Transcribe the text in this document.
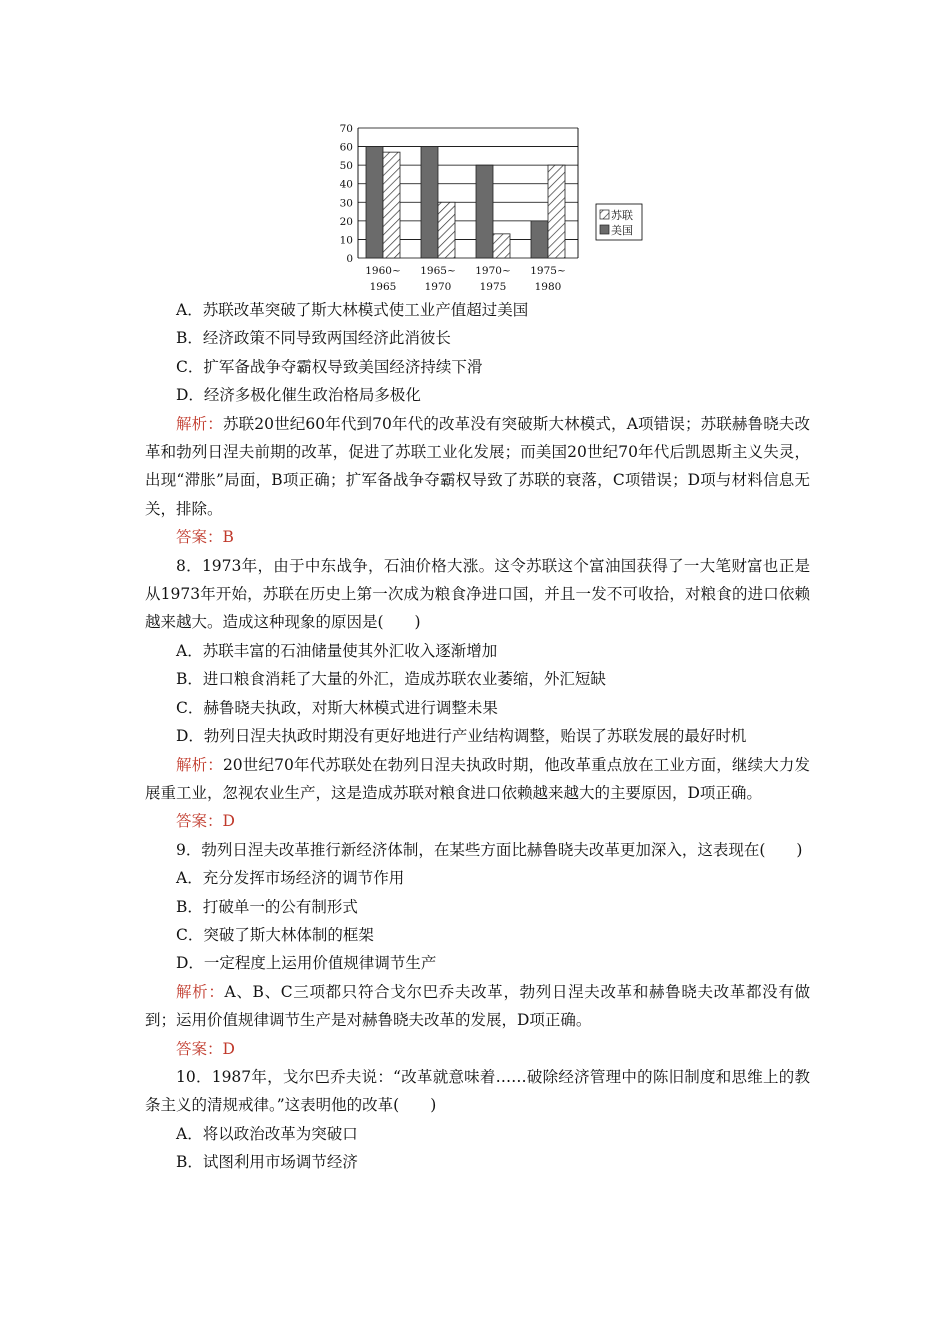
0
10
20
30
40
50
60
70
1960~
1965
1965~
1970
1970~
1975
1975~
1980
苏联
美国
A．苏联改革突破了斯大林模式使工业产值超过美国
B．经济政策不同导致两国经济此消彼长
C．扩军备战争夺霸权导致美国经济持续下滑
D．经济多极化催生政治格局多极化
解析：苏联20世纪60年代到70年代的改革没有突破斯大林模式，A项错误；苏联赫鲁晓夫改革和勃列日涅夫前期的改革，促进了苏联工业化发展；而美国20世纪70年代后凯恩斯主义失灵，出现“滞胀”局面，B项正确；扩军备战争夺霸权导致了苏联的衰落，C项错误；D项与材料信息无关，排除。
答案：B
8．1973年，由于中东战争，石油价格大涨。这令苏联这个富油国获得了一大笔财富也正是从1973年开始，苏联在历史上第一次成为粮食净进口国，并且一发不可收拾，对粮食的进口依赖越来越大。造成这种现象的原因是(　　)
A．苏联丰富的石油储量使其外汇收入逐渐增加
B．进口粮食消耗了大量的外汇，造成苏联农业萎缩，外汇短缺
C．赫鲁晓夫执政，对斯大林模式进行调整未果
D．勃列日涅夫执政时期没有更好地进行产业结构调整，贻误了苏联发展的最好时机
解析：20世纪70年代苏联处在勃列日涅夫执政时期，他改革重点放在工业方面，继续大力发展重工业，忽视农业生产，这是造成苏联对粮食进口依赖越来越大的主要原因，D项正确。
答案：D
9．勃列日涅夫改革推行新经济体制，在某些方面比赫鲁晓夫改革更加深入，这表现在(　　)
A．充分发挥市场经济的调节作用
B．打破单一的公有制形式
C．突破了斯大林体制的框架
D．一定程度上运用价值规律调节生产
解析：A、B、C三项都只符合戈尔巴乔夫改革，勃列日涅夫改革和赫鲁晓夫改革都没有做到；运用价值规律调节生产是对赫鲁晓夫改革的发展，D项正确。
答案：D
10．1987年，戈尔巴乔夫说：“改革就意味着……破除经济管理中的陈旧制度和思维上的教条主义的清规戒律。”这表明他的改革(　　)
A．将以政治改革为突破口
B．试图利用市场调节经济
